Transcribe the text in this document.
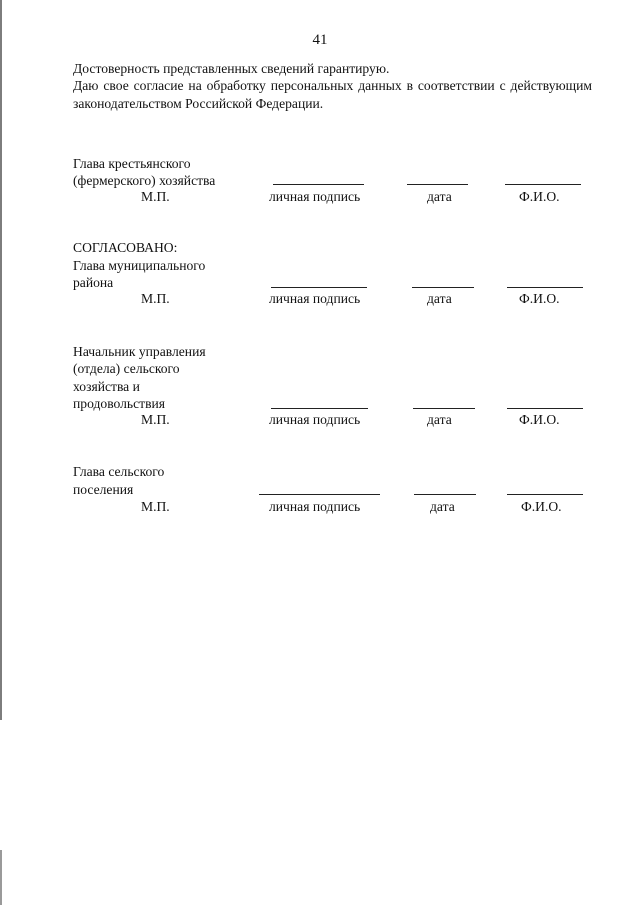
41
Достоверность представленных сведений гарантирую.
Даю свое согласие на обработку персональных данных в соответствии с действующим законодательством Российской Федерации.
Глава крестьянского
(фермерского) хозяйства
М.П.	личная подпись	дата	Ф.И.О.
СОГЛАСОВАНО:
Глава муниципального
района
М.П.	личная подпись	дата	Ф.И.О.
Начальник управления
(отдела) сельского
хозяйства и
продовольствия
М.П.	личная подпись	дата	Ф.И.О.
Глава сельского
поселения
М.П.	личная подпись	дата	Ф.И.О.
